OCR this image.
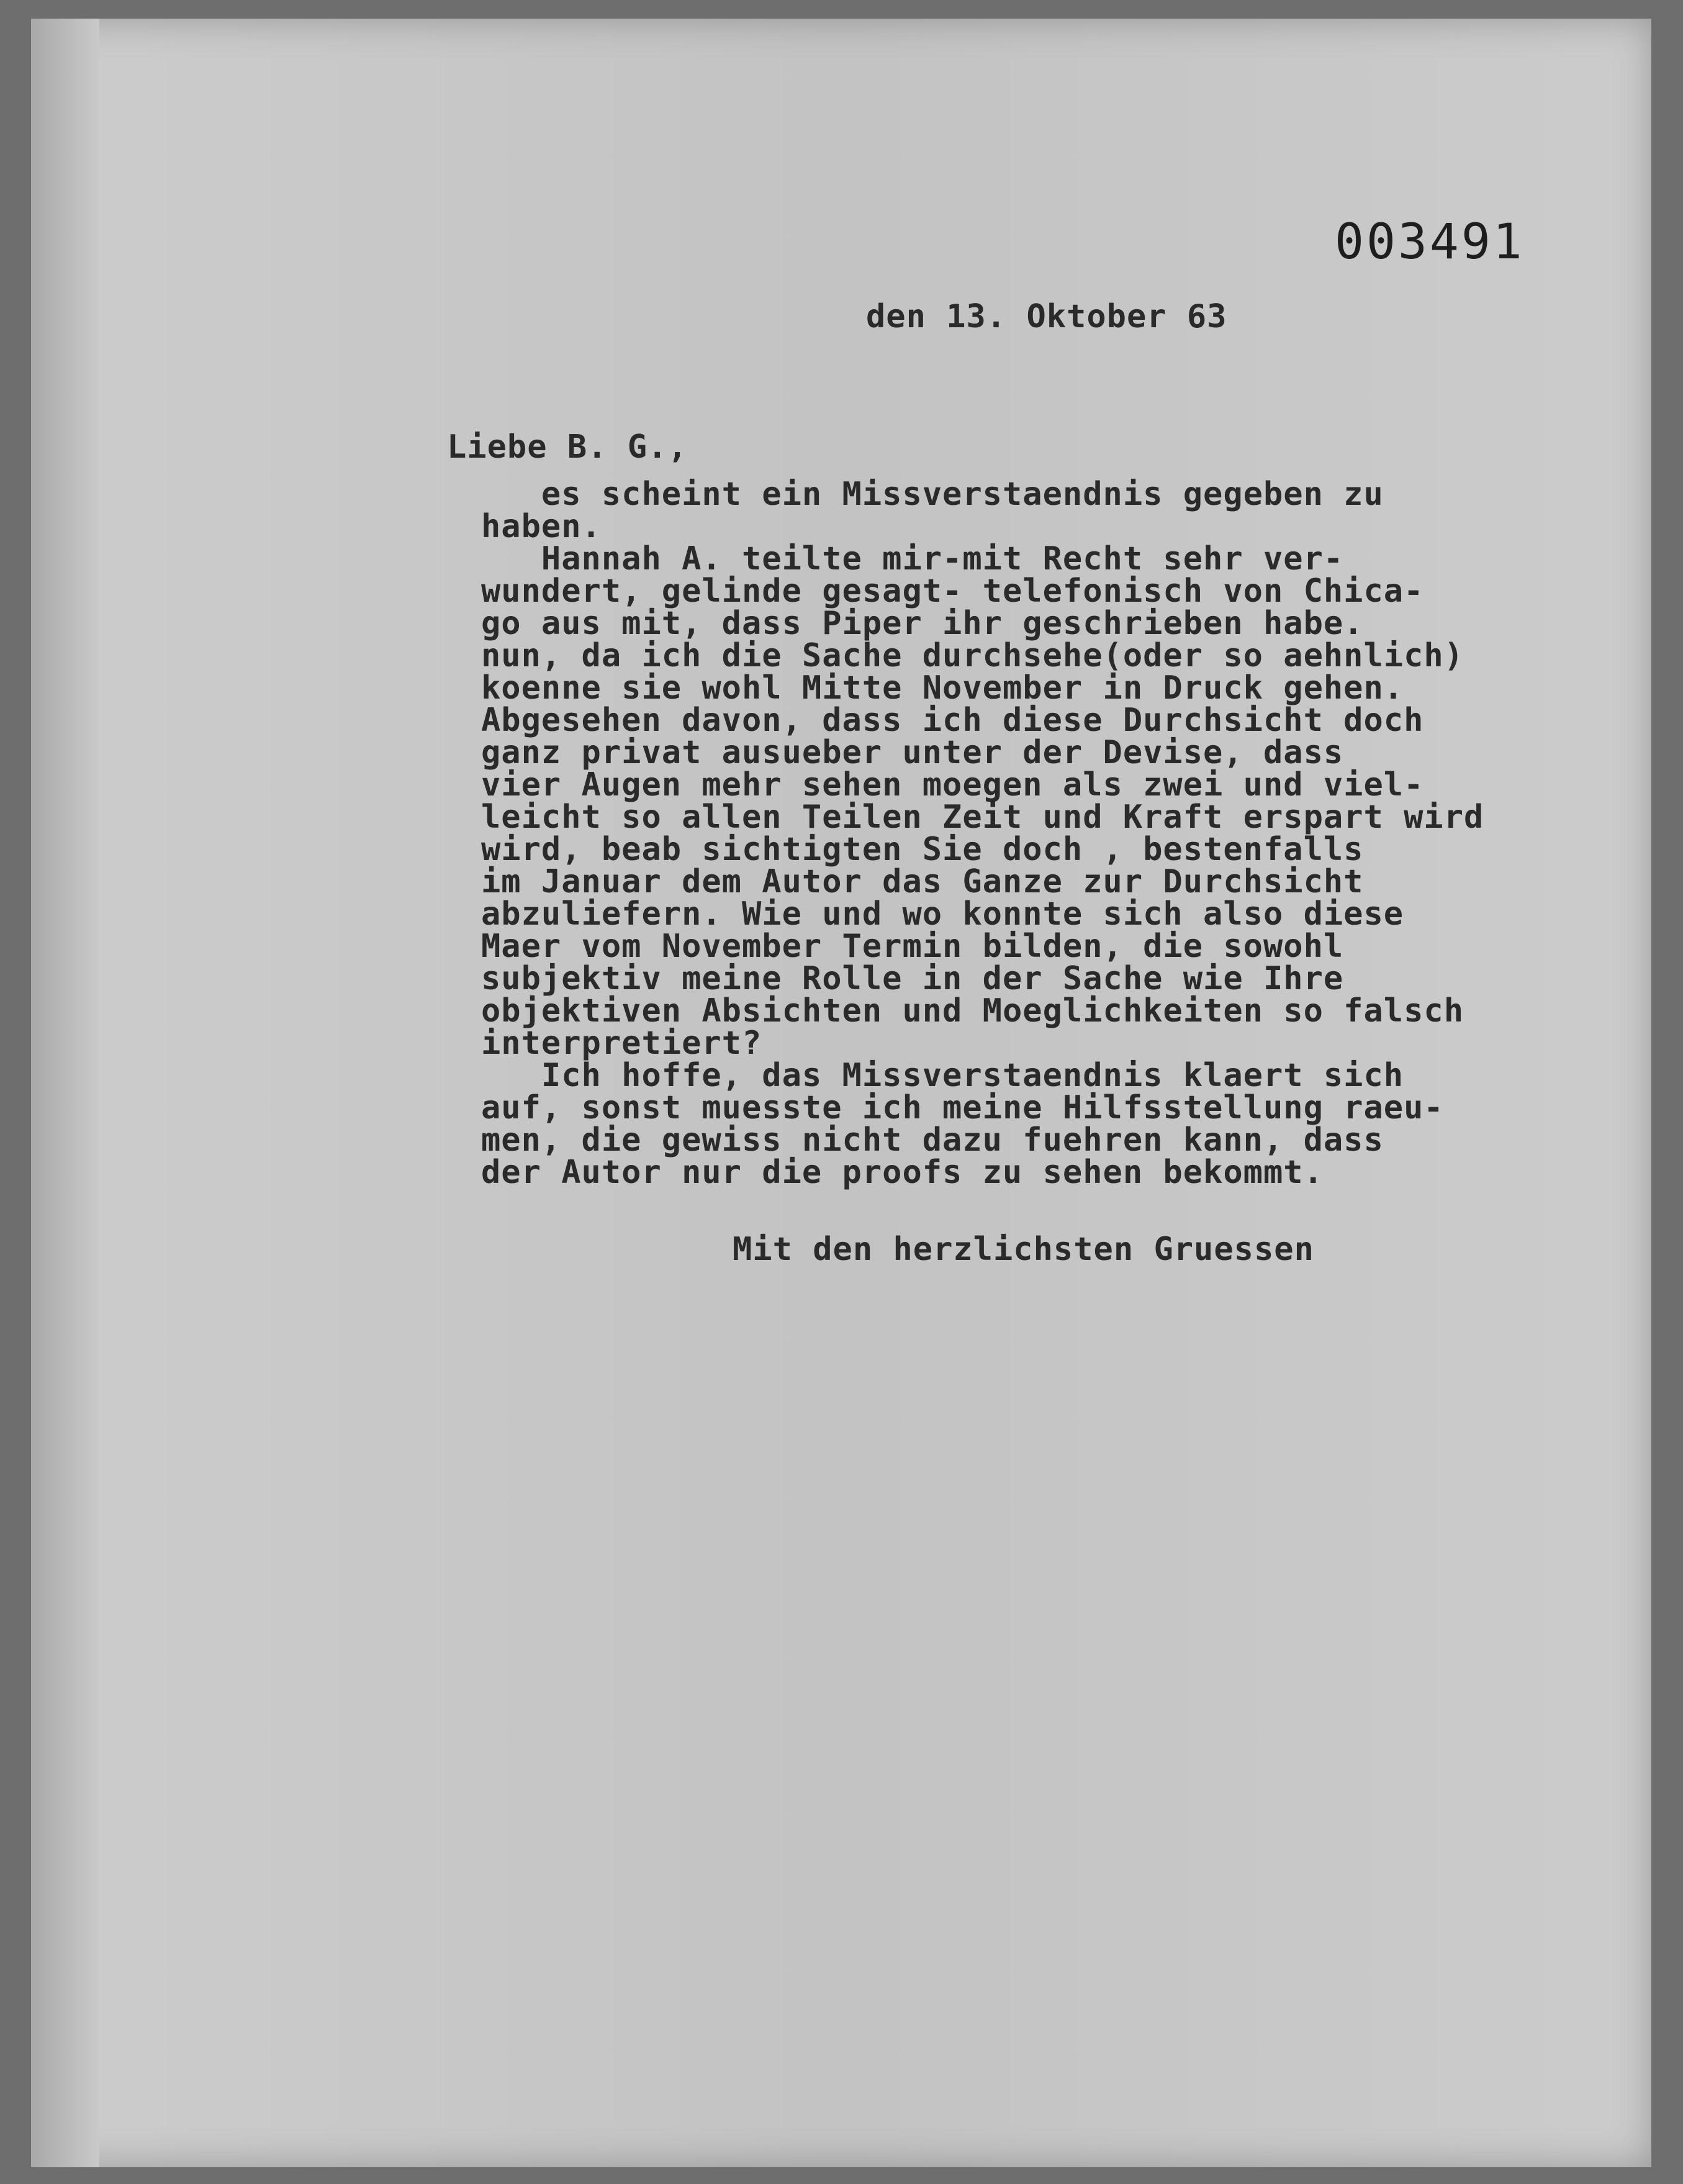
003491
den 13. Oktober 63
Liebe B. G.,

es scheint ein Missverstaendnis gegeben zu

haben.

Hannah A. teilte mir-mit Recht sehr ver-

wundert, gelinde gesagt- telefonisch von Chica-

go aus mit, dass Piper ihr geschrieben habe.

nun, da ich die Sache durchsehe(oder so aehnlich)

koenne sie wohl Mitte November in Druck gehen.

Abgesehen davon, dass ich diese Durchsicht doch

ganz privat ausueber unter der Devise, dass

vier Augen mehr sehen moegen als zwei und viel-

leicht so allen Teilen Zeit und Kraft erspart wird

wird, beab sichtigten Sie doch , bestenfalls

im Januar dem Autor das Ganze zur Durchsicht

abzuliefern. Wie und wo konnte sich also diese

Maer vom November Termin bilden, die sowohl

subjektiv meine Rolle in der Sache wie Ihre

objektiven Absichten und Moeglichkeiten so falsch

interpretiert?

Ich hoffe, das Missverstaendnis klaert sich

auf, sonst muesste ich meine Hilfsstellung raeu-

men, die gewiss nicht dazu fuehren kann, dass

der Autor nur die proofs zu sehen bekommt.

Mit den herzlichsten Gruessen
